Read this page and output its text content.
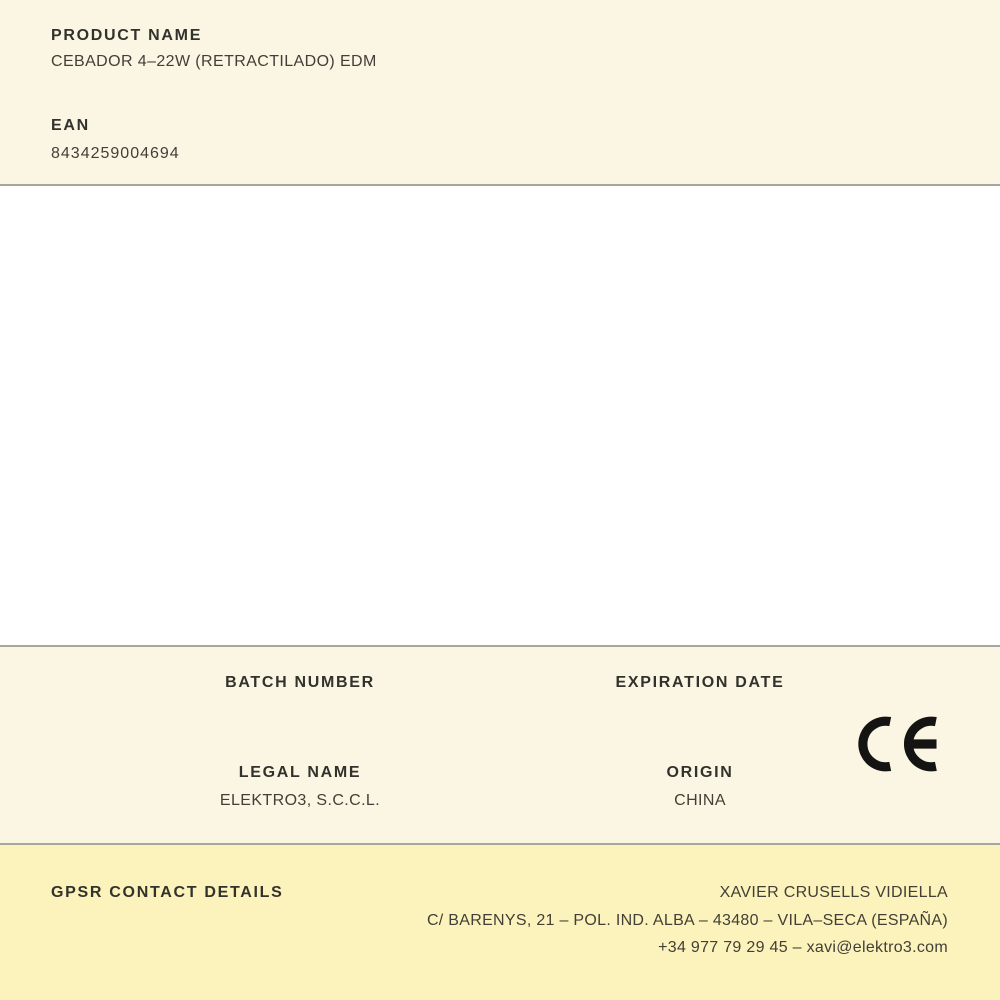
PRODUCT NAME
CEBADOR 4–22W (RETRACTILADO) EDM
EAN
8434259004694
BATCH NUMBER
LEGAL NAME
ELEKTRO3, S.C.C.L.
EXPIRATION DATE
ORIGIN
CHINA
GPSR CONTACT DETAILS	XAVIER CRUSELLS VIDIELLA
C/ BARENYS, 21 – POL. IND. ALBA – 43480 – VILA–SECA (ESPAÑA)
+34 977 79 29 45 – xavi@elektro3.com
